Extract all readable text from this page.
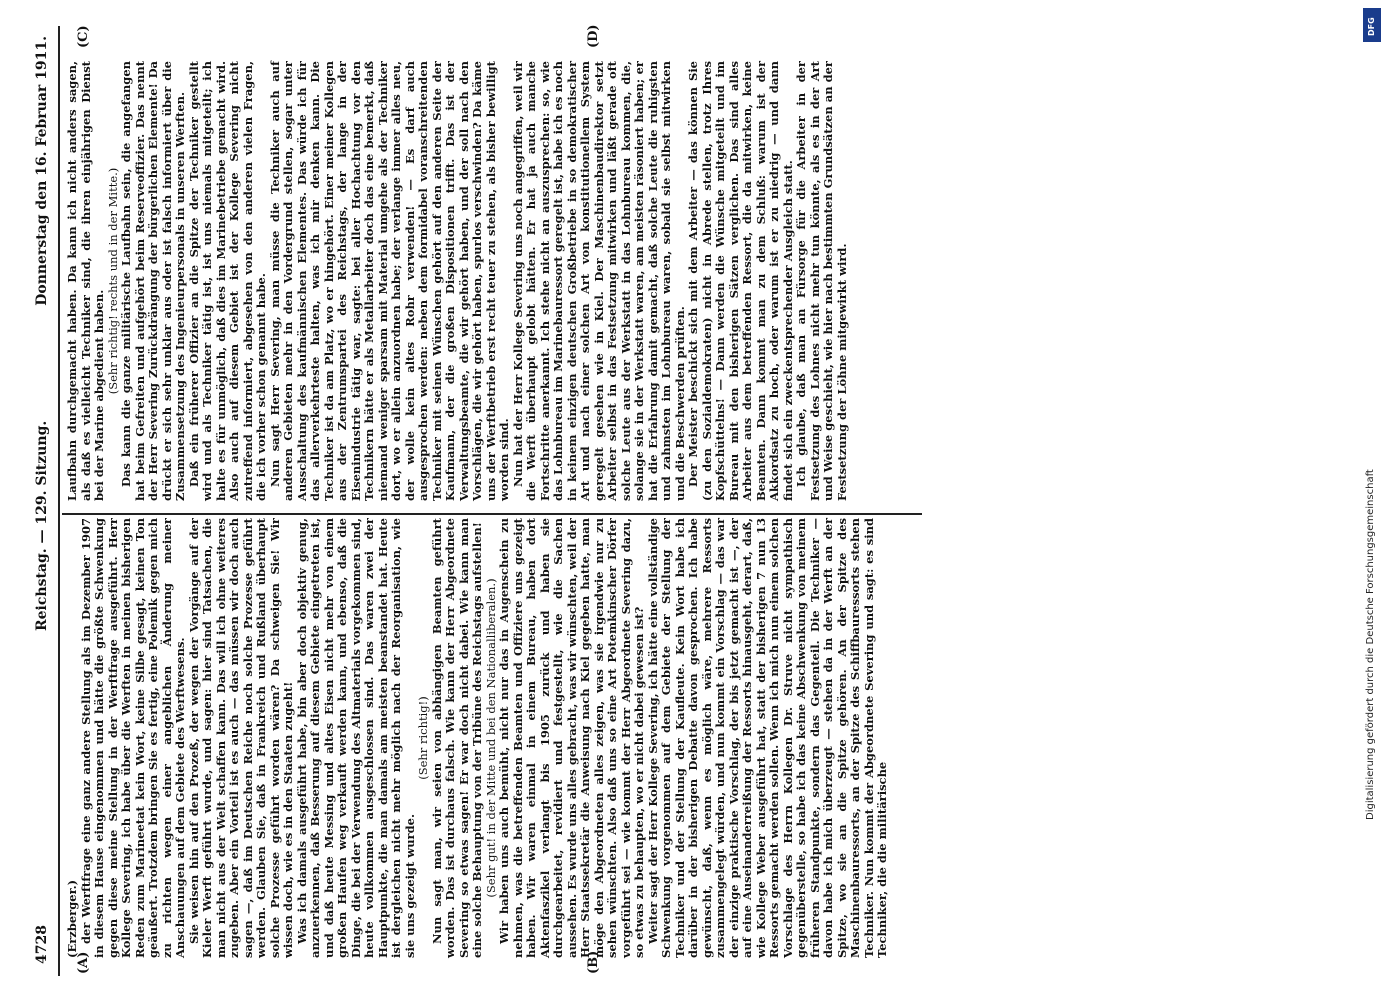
4728
Reichstag. — 129. Sitzung.
Donnerstag den 16. Februar 1911.
(A)	(B)
(C)	(D)

(Erzberger.) der Werftfrage eine ganz andere Stellung als im Dezember 1907 in diesem Hause eingenommen und hätte die größte Schwenkung gegen diese meine Stellung in der Werftfrage ausgeführt. Herr Kollege Severing, ich habe über die Werften in meinen bisherigen Reden zum Marineetat kein Wort, keine Silbe gesagt, keinen Ton geäußert. Trotzdem bringen Sie es fertig, eine Polemik gegen mich zu richten wegen einer angeblichen Änderung meiner Anschauungen auf dem Gebiete des Werftwesens. Sie weisen hin auf den Prozeß, der wegen der Vorgänge auf der Kieler Werft geführt wurde, und sagen: hier sind Tatsachen, die man nicht aus der Welt schaffen kann. Das will ich ohne weiteres zugeben. Aber ein Vorteil ist es auch — das müssen wir doch auch sagen —, daß im Deutschen Reiche noch solche Prozesse geführt werden. Glauben Sie, daß in Frankreich und Rußland überhaupt solche Prozesse geführt worden wären? Da schweigen Sie! Wir wissen doch, wie es in den Staaten zugeht! Was ich damals ausgeführt habe, bin aber doch objektiv genug, anzuerkennen, daß Besserung auf diesem Gebiete eingetreten ist, und daß heute Messing und altes Eisen nicht mehr von einem großen Haufen weg verkauft werden kann, und ebenso, daß die Dinge, die bei der Verwendung des Altmaterials vorgekommen sind, heute vollkommen ausgeschlossen sind. Das waren zwei der Hauptpunkte, die man damals am meisten beanstandet hat. Heute ist dergleichen nicht mehr möglich nach der Reorganisation, wie sie uns gezeigt wurde.

(Sehr richtig!) Nun sagt man, wir seien von abhängigen Beamten geführt worden. Das ist durchaus falsch. Wie kann der Herr Abgeordnete Severing so etwas sagen! Er war doch nicht dabei. Wie kann man eine solche Behauptung von der Tribüne des Reichstags aufstellen! (Sehr gut! in der Mitte und bei den Nationalliberalen.) Wir haben uns auch bemüht, nicht nur das in Augenschein zu nehmen, was die betreffenden Beamten und Offiziere uns gezeigt haben. Wir waren einmal in einem Bureau, haben dort Aktenfaszikel verlangt bis 1905 zurück und haben sie durchgearbeitet, revidiert und festgestellt, wie die Sachen aussehen. Es wurde uns alles gebracht, was wir wünschten, weil der Herr Staatssekretär die Anweisung nach Kiel gegeben hatte, man möge den Abgeordneten alles zeigen, was sie irgendwie nur zu sehen wünschten. Also daß uns so eine Art Potemkinscher Dörfer vorgeführt sei — wie kommt der Herr Abgeordnete Severing dazu, so etwas zu behaupten, wo er nicht dabei gewesen ist? Weiter sagt der Herr Kollege Severing, ich hätte eine vollständige Schwenkung vorgenommen auf dem Gebiete der Stellung der Techniker und der Stellung der Kaufleute. Kein Wort habe ich darüber in der bisherigen Debatte davon gesprochen. Ich habe gewünscht, daß, wenn es möglich wäre, mehrere Ressorts zusammengelegt würden, und nun kommt ein Vorschlag — das war der einzige praktische Vorschlag, der bis jetzt gemacht ist —, der auf eine Auseinanderreißung der Ressorts hinausgeht, derart, daß, wie Kollege Weber ausgeführt hat, statt der bisherigen 7 nun 13 Ressorts gemacht werden sollen. Wenn ich mich nun einem solchen Vorschlage des Herrn Kollegen Dr. Struve nicht sympathisch gegenüberstelle, so habe ich das keine Abschwenkung von meinem früheren Standpunkte, sondern das Gegenteil. Die Techniker — davon habe ich mich überzeugt — stehen da in der Werft an der Spitze, wo sie an die Spitze gehören. An der Spitze des Maschinenbauressorts, an der Spitze des Schiffbauressorts stehen Techniker. Nun kommt der Abgeordnete Severing und sagt: es sind Techniker, die die militärische

Laufbahn durchgemacht haben. Da kann ich nicht anders sagen, als daß es vielleicht Techniker sind, die ihren einjährigen Dienst bei der Marine abgedient haben.

(Sehr richtig! rechts und in der Mitte.) Das kann die ganze militärische Laufbahn sein, die angefangen hat beim Gefreiten und aufgehört beim Reserveoffizier. Das nennt der Herr Severing Zurückdrängung der bürgerlichen Elemente! Da drückt er sich sehr unklar aus oder ist falsch informiert über die Zusammensetzung des Ingenieurpersonals in unseren Werften. Daß ein früherer Offizier an die Spitze der Techniker gestellt wird und als Techniker tätig ist, ist uns niemals mitgeteilt; ich halte es für unmöglich, daß dies im Marinebetriebe gemacht wird. Also auch auf diesem Gebiet ist der Kollege Severing nicht zutreffend informiert, abgesehen von den anderen vielen Fragen, die ich vorher schon genannt habe. Nun sagt Herr Severing, man müsse die Techniker auch auf anderen Gebieten mehr in den Vordergrund stellen, sogar unter Ausschaltung des kaufmännischen Elementes. Das würde ich für das allerverkehrteste halten, was ich mir denken kann. Die Techniker ist da am Platz, wo er hingehört. Einer meiner Kollegen aus der Zentrumspartei des Reichstags, der lange in der Eisenindustrie tätig war, sagte: bei aller Hochachtung vor den Technikern hätte er als Metallarbeiter doch das eine bemerkt, daß niemand weniger sparsam mit Material umgehe als der Techniker dort, wo er allein anzuordnen habe; der verlange immer alles neu, der wolle kein altes Rohr verwenden! — Es darf auch ausgesprochen werden: neben dem formidabel voranschreitenden Techniker mit seinen Wünschen gehört auf den anderen Seite der Kaufmann, der die großen Dispositionen trifft. Das ist der Verwaltungsbeamte, die wir gehört haben, und der soll nach den Vorschlägen, die wir gehört haben, spurlos verschwinden? Da käme uns der Werftbetrieb erst recht teuer zu stehen, als bisher bewilligt worden sind. Nun hat der Herr Kollege Severing uns noch angegriffen, weil wir die Werft überhaupt gelobt hätten. Er hat ja auch manche Fortschritte anerkannt. Ich stehe nicht an auszusprechen: so, wie das Lohnbureau im Marinebauressort geregelt ist, habe ich es noch in keinem einzigen deutschen Großbetriebe in so demokratischer Art und nach einer solchen Art von konstitutionellem System geregelt gesehen wie in Kiel. Der Maschinenbaudirektor setzt Arbeiter selbst in das Festsetzung mitwirken und läßt gerade oft solche Leute aus der Werkstatt in das Lohnbureau kommen, die, solange sie in der Werkstatt waren, am meisten räsoniert haben; er hat die Erfahrung damit gemacht, daß solche Leute die ruhigsten und zahmsten im Lohnbureau waren, sobald sie selbst mitwirken und die Beschwerden prüften. Der Meister beschickt sich mit dem Arbeiter — das können Sie (zu den Sozialdemokraten) nicht in Abrede stellen, trotz Ihres Kopfschüttelns! — Dann werden die Wünsche mitgeteilt und im Bureau mit den bisherigen Sätzen verglichen. Das sind alles Arbeiter aus dem betreffenden Ressort, die da mitwirken, keine Beamten. Dann kommt man zu dem Schluß: warum ist der Akkordsatz zu hoch, oder warum ist er zu niedrig — und dann findet sich ein zweckentsprechender Ausgleich statt. Ich glaube, daß man an Fürsorge für die Arbeiter in der Festsetzung des Lohnes nicht mehr tun könnte, als es in der Art und Weise geschieht, wie hier nach bestimmten Grundsätzen an der Festsetzung der Löhne mitgewirkt wird.

DFG
Digitalisierung gefördert durch die Deutsche Forschungsgemeinschaft
